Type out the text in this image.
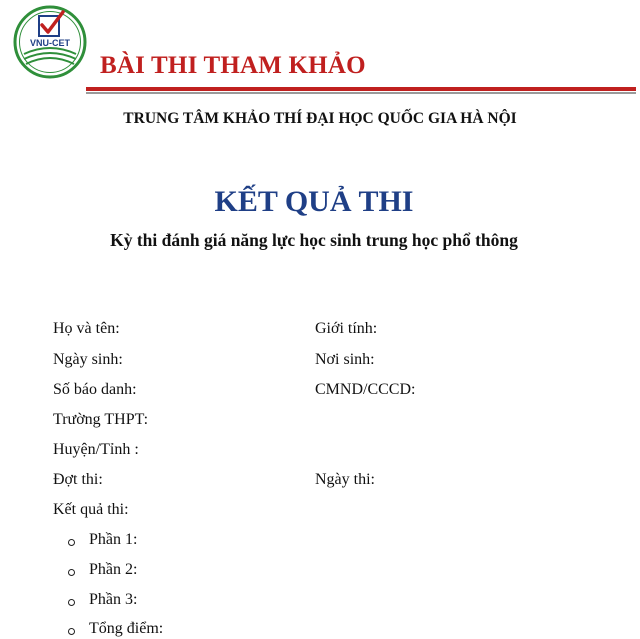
VNU-CET
BÀI THI THAM KHẢO
TRUNG TÂM KHẢO THÍ ĐẠI HỌC QUỐC GIA HÀ NỘI
KẾT QUẢ THI
Kỳ thi đánh giá năng lực học sinh trung học phổ thông
Họ và tên:	Giới tính:
Ngày sinh:	Nơi sinh:
Số báo danh:	CMND/CCCD:
Trường THPT:
Huyện/Tỉnh :
Đợt thi:	Ngày thi:
Kết quả thi:
Phần 1:
Phần 2:
Phần 3:
Tổng điểm:
